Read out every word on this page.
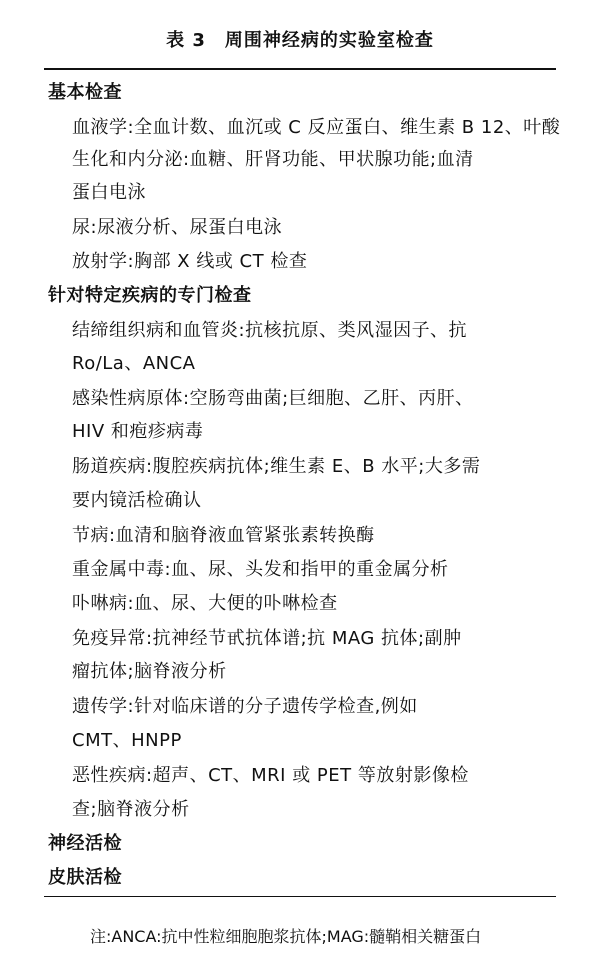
表 3　周围神经病的实验室检查
基本检查
血液学:全血计数、血沉或 C 反应蛋白、维生素 B 12、叶酸
生化和内分泌:血糖、肝肾功能、甲状腺功能;血清
蛋白电泳
尿:尿液分析、尿蛋白电泳
放射学:胸部 X 线或 CT 检查
针对特定疾病的专门检查
结缔组织病和血管炎:抗核抗原、类风湿因子、抗
Ro/La、ANCA
感染性病原体:空肠弯曲菌;巨细胞、乙肝、丙肝、
HIV 和疱疹病毒
肠道疾病:腹腔疾病抗体;维生素 E、B 水平;大多需
要内镜活检确认
节病:血清和脑脊液血管紧张素转换酶
重金属中毒:血、尿、头发和指甲的重金属分析
卟啉病:血、尿、大便的卟啉检查
免疫异常:抗神经节甙抗体谱;抗 MAG 抗体;副肿
瘤抗体;脑脊液分析
遗传学:针对临床谱的分子遗传学检查,例如
CMT、HNPP
恶性疾病:超声、CT、MRI 或 PET 等放射影像检
查;脑脊液分析
神经活检
皮肤活检
注:ANCA:抗中性粒细胞胞浆抗体;MAG:髓鞘相关糖蛋白
